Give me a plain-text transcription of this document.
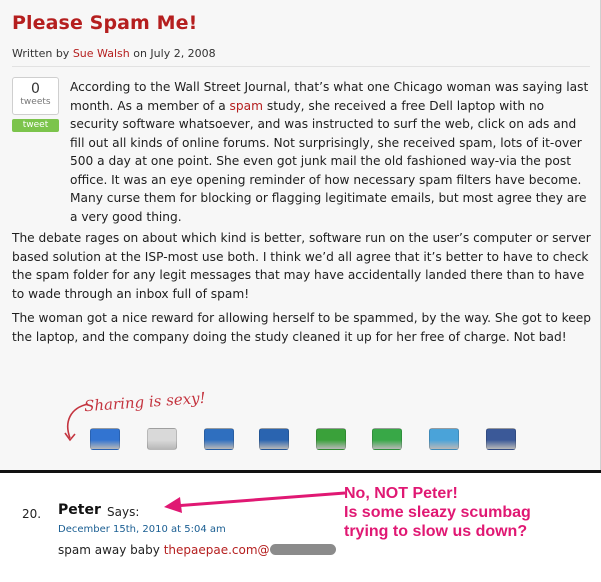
Please Spam Me!
Written by Sue Walsh on July 2, 2008
0
tweets
tweet

According to the Wall Street Journal, that’s what one Chicago woman was saying last month. As a member of a spam study, she received a free Dell laptop with no security software whatsoever, and was instructed to surf the web, click on ads and fill out all kinds of online forums. Not surprisingly, she received spam, lots of it-over 500 a day at one point. She even got junk mail the old fashioned way-via the post office. It was an eye opening reminder of how necessary spam filters have become. Many curse them for blocking or flagging legitimate emails, but most agree they are a very good thing.

The debate rages on about which kind is better, software run on the user’s computer or server based solution at the ISP-most use both. I think we’d all agree that it’s better to have to check the spam folder for any legit messages that may have accidentally landed there than to have to wade through an inbox full of spam!

The woman got a nice reward for allowing herself to be spammed, by the way. She got to keep the laptop, and the company doing the study cleaned it up for her free of charge. Not bad!

Sharing is sexy!
20. Peter Says:
December 15th, 2010 at 5:04 am
spam away baby thepaepae.com@
No, NOT Peter!
Is some sleazy scumbag
trying to slow us down?
